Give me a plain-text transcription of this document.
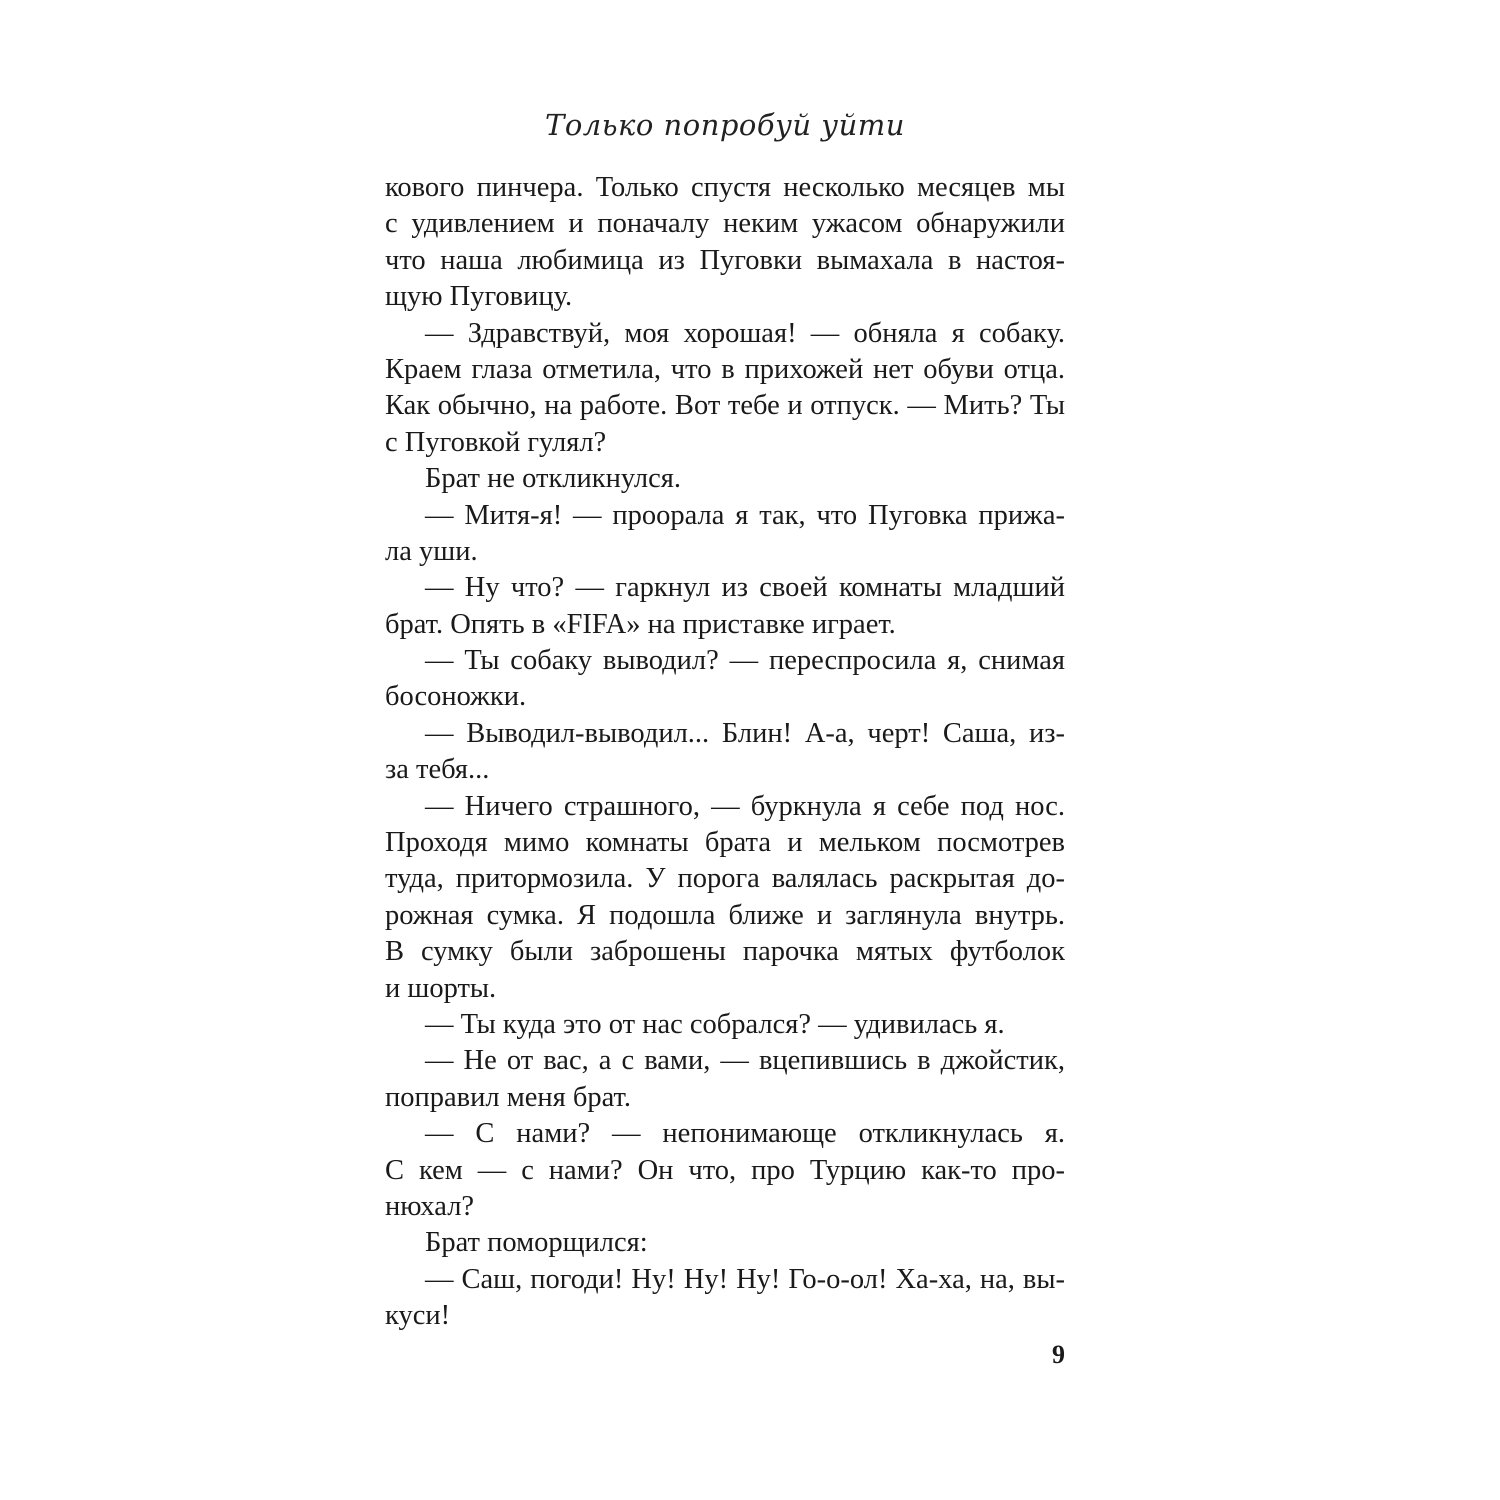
Только попробуй уйти
кового пинчера. Только спустя несколько месяцев мы
с удивлением и поначалу неким ужасом обнаружили
что наша любимица из Пуговки вымахала в настоя-
щую Пуговицу.
— Здравствуй, моя хорошая! — обняла я собаку.
Краем глаза отметила, что в прихожей нет обуви отца.
Как обычно, на работе. Вот тебе и отпуск. — Мить? Ты
с Пуговкой гулял?
Брат не откликнулся.
— Митя-я! — проорала я так, что Пуговка прижа-
ла уши.
— Ну что? — гаркнул из своей комнаты младший
брат. Опять в «FIFA» на приставке играет.
— Ты собаку выводил? — переспросила я, снимая
босоножки.
— Выводил-выводил... Блин! А-а, черт! Саша, из-
за тебя...
— Ничего страшного, — буркнула я себе под нос.
Проходя мимо комнаты брата и мельком посмотрев
туда, притормозила. У порога валялась раскрытая до-
рожная сумка. Я подошла ближе и заглянула внутрь.
В сумку были заброшены парочка мятых футболок
и шорты.
— Ты куда это от нас собрался? — удивилась я.
— Не от вас, а с вами, — вцепившись в джойстик,
поправил меня брат.
— С нами? — непонимающе откликнулась я.
С кем — с нами? Он что, про Турцию как-то про-
нюхал?
Брат поморщился:
— Саш, погоди! Ну! Ну! Ну! Го-о-ол! Ха-ха, на, вы-
куси!
9
